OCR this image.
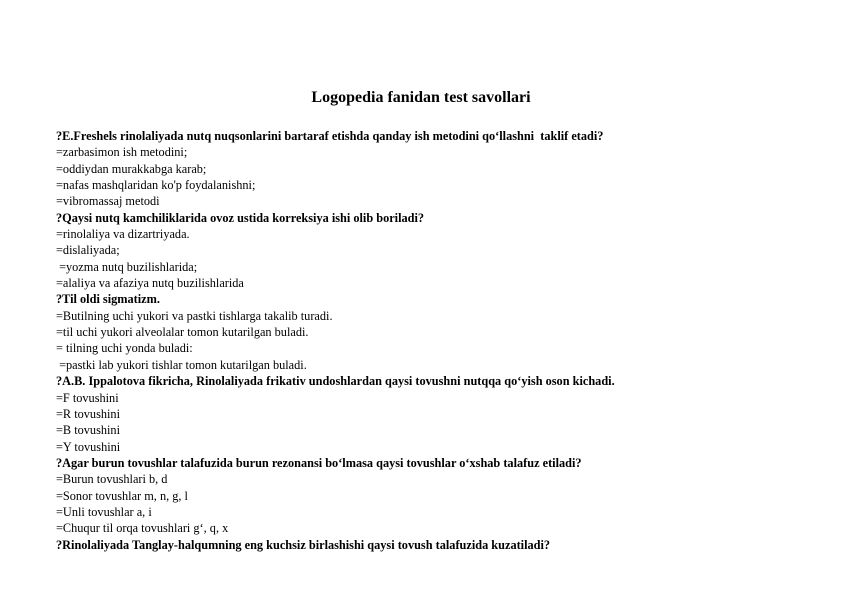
Logopedia fanidan test savollari
?E.Freshels rinolaliyada nutq nuqsonlarini bartaraf etishda qanday ish metodini qo‘llashni  taklif etadi?
=zarbasimon ish metodini;
=oddiydan murakkabga karab;
=nafas mashqlaridan ko'p foydalanishni;
=vibromassaj metodi
?Qaysi nutq kamchiliklarida ovoz ustida korreksiya ishi olib boriladi?
=rinolaliya va dizartriyada.
=dislaliyada;
=yozma nutq buzilishlarida;
=alaliya va afaziya nutq buzilishlarida
?Til oldi sigmatizm.
=Butilning uchi yukori va pastki tishlarga takalib turadi.
=til uchi yukori alveolalar tomon kutarilgan buladi.
= tilning uchi yonda buladi:
=pastki lab yukori tishlar tomon kutarilgan buladi.
?A.B. Ippalotova fikricha, Rinolaliyada frikativ undoshlardan qaysi tovushni nutqqa qo‘yish oson kichadi.
=F tovushini
=R tovushini
=B tovushini
=Y tovushini
?Agar burun tovushlar talafuzida burun rezonansi bo‘lmasa qaysi tovushlar o‘xshab talafuz etiladi?
=Burun tovushlari b, d
=Sonor tovushlar m, n, g, l
=Unli tovushlar a, i
=Chuqur til orqa tovushlari g‘, q, x
?Rinolaliyada Tanglay-halqumning eng kuchsiz birlashishi qaysi tovush talafuzida kuzatiladi?
